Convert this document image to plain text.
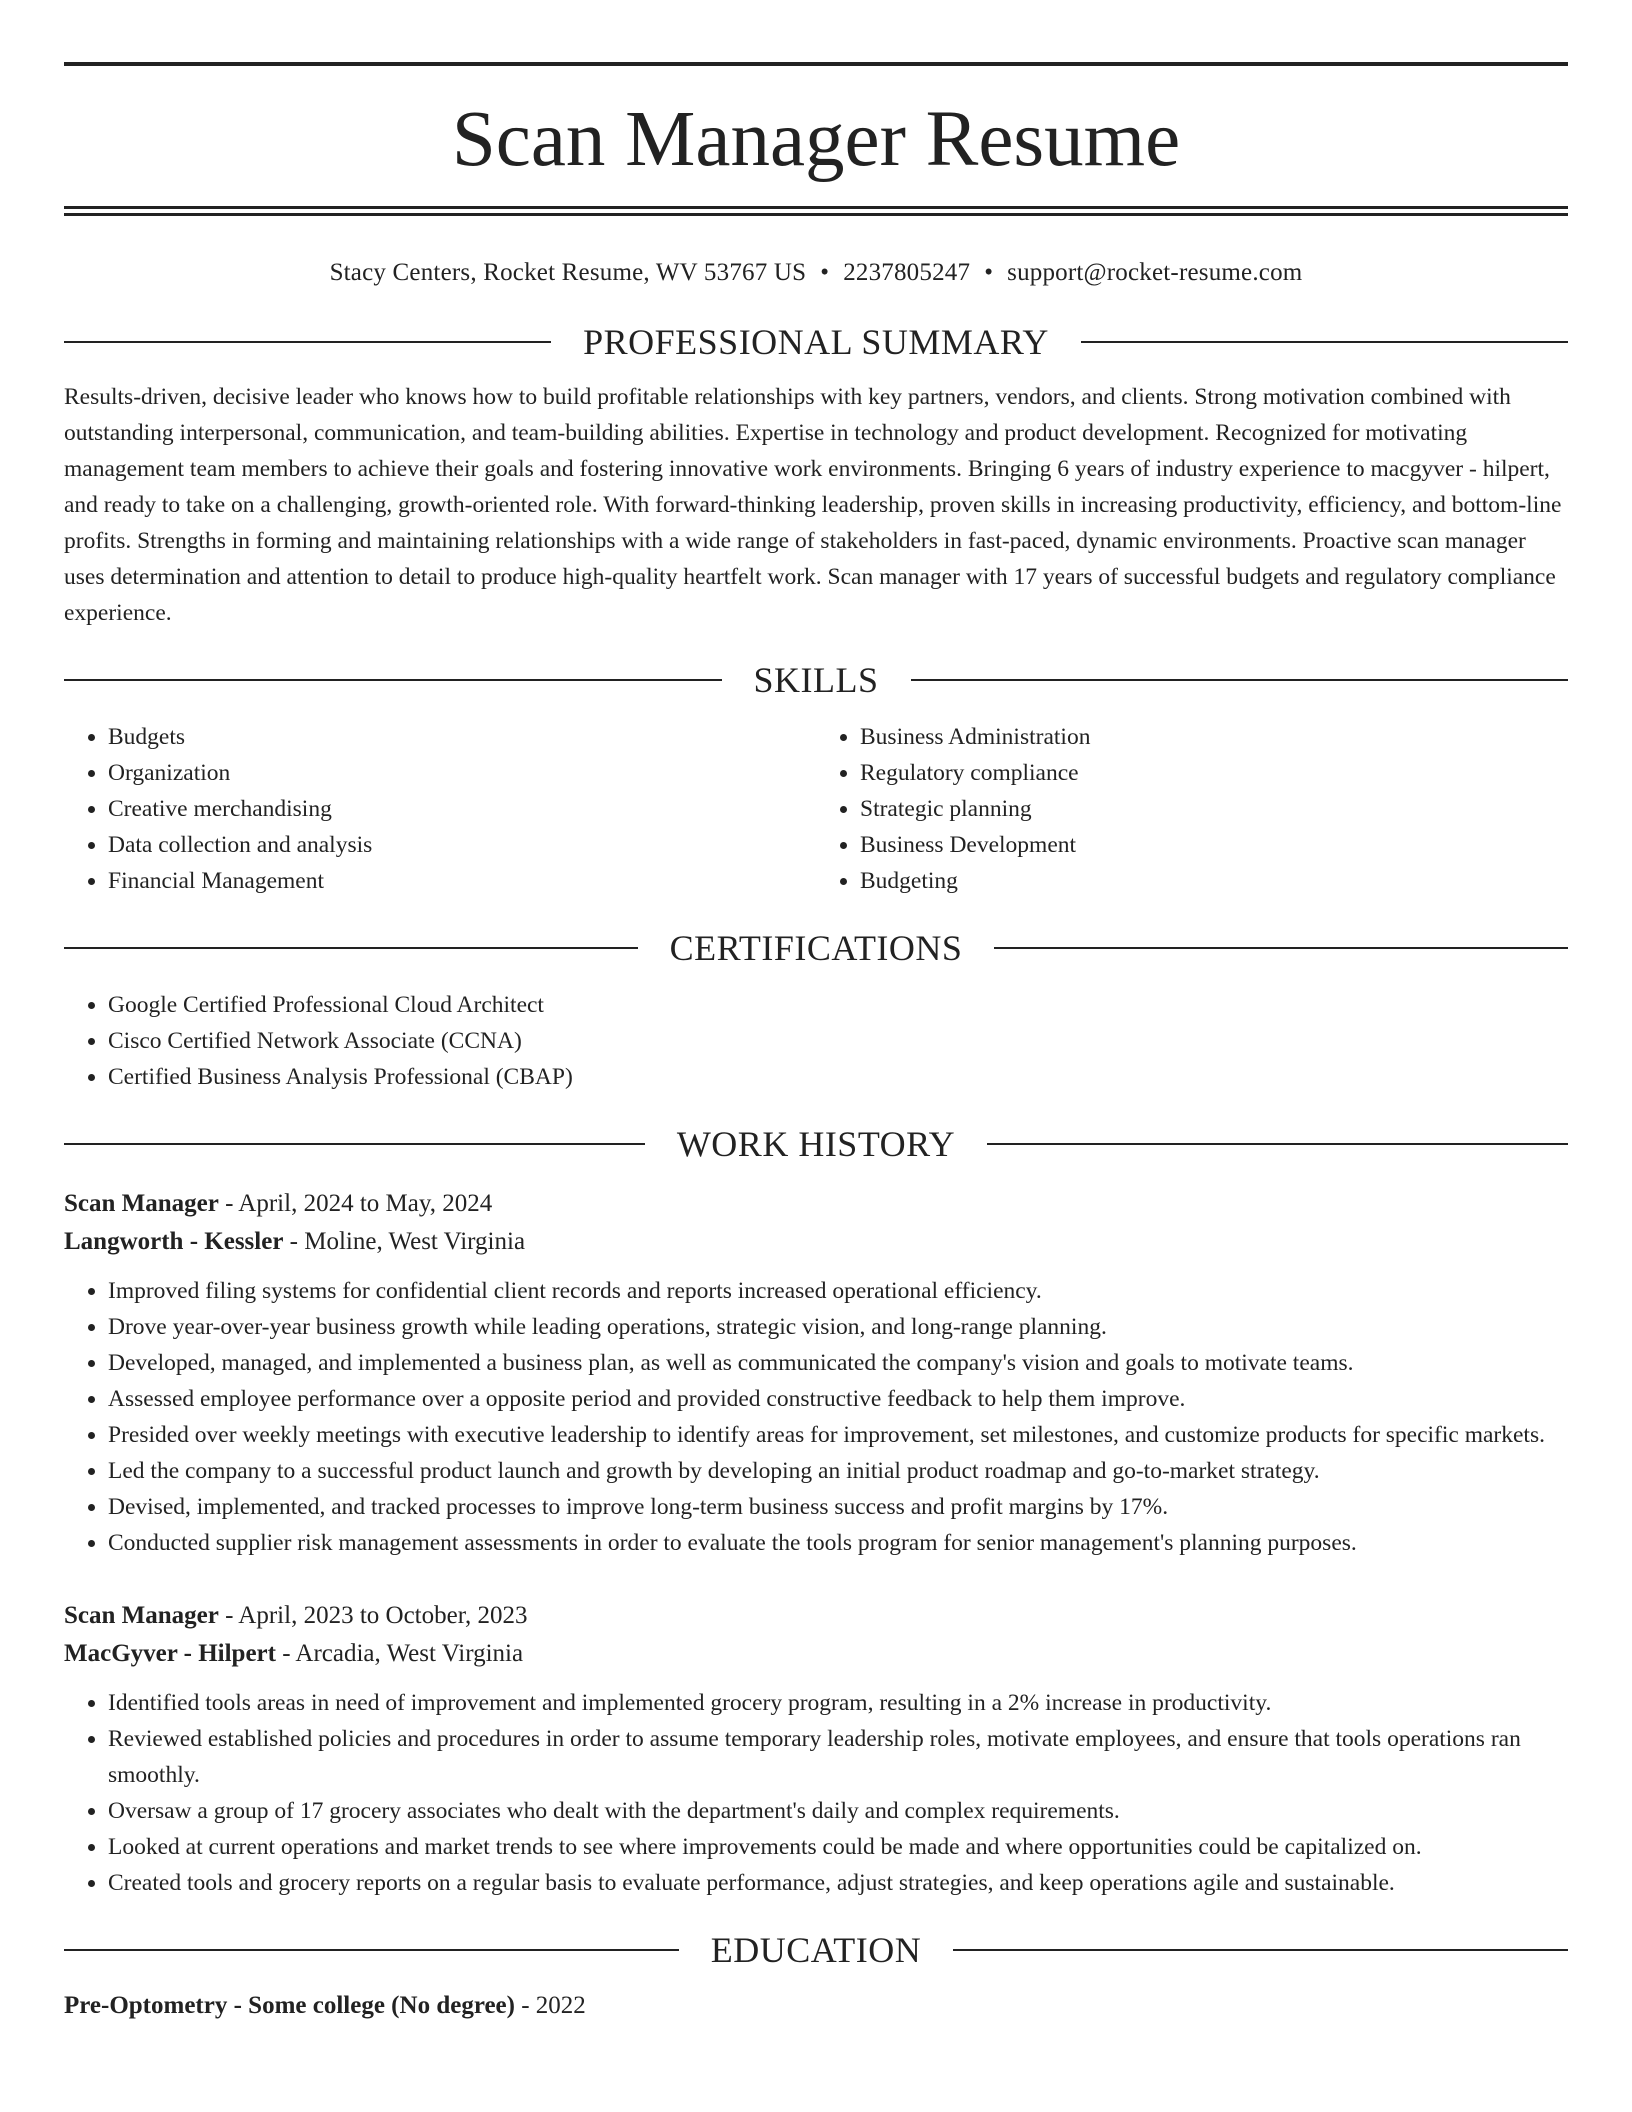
Scan Manager Resume
Stacy Centers, Rocket Resume, WV 53767 US • 2237805247 • support@rocket-resume.com
PROFESSIONAL SUMMARY

Results-driven, decisive leader who knows how to build profitable relationships with key partners, vendors, and clients. Strong motivation combined with outstanding interpersonal, communication, and team-building abilities. Expertise in technology and product development. Recognized for motivating management team members to achieve their goals and fostering innovative work environments. Bringing 6 years of industry experience to macgyver - hilpert, and ready to take on a challenging, growth-oriented role. With forward-thinking leadership, proven skills in increasing productivity, efficiency, and bottom-line profits. Strengths in forming and maintaining relationships with a wide range of stakeholders in fast-paced, dynamic environments. Proactive scan manager uses determination and attention to detail to produce high-quality heartfelt work. Scan manager with 17 years of successful budgets and regulatory compliance experience.

SKILLS
• Budgets
• Organization
• Creative merchandising
• Data collection and analysis
• Financial Management
• Business Administration
• Regulatory compliance
• Strategic planning
• Business Development
• Budgeting
CERTIFICATIONS
• Google Certified Professional Cloud Architect
• Cisco Certified Network Associate (CCNA)
• Certified Business Analysis Professional (CBAP)
WORK HISTORY
Scan Manager - April, 2024 to May, 2024
Langworth - Kessler - Moline, West Virginia
• Improved filing systems for confidential client records and reports increased operational efficiency.
• Drove year-over-year business growth while leading operations, strategic vision, and long-range planning.
• Developed, managed, and implemented a business plan, as well as communicated the company's vision and goals to motivate teams.
• Assessed employee performance over a opposite period and provided constructive feedback to help them improve.
• Presided over weekly meetings with executive leadership to identify areas for improvement, set milestones, and customize products for specific markets.
• Led the company to a successful product launch and growth by developing an initial product roadmap and go-to-market strategy.
• Devised, implemented, and tracked processes to improve long-term business success and profit margins by 17%.
• Conducted supplier risk management assessments in order to evaluate the tools program for senior management's planning purposes.
Scan Manager - April, 2023 to October, 2023
MacGyver - Hilpert - Arcadia, West Virginia
• Identified tools areas in need of improvement and implemented grocery program, resulting in a 2% increase in productivity.
• Reviewed established policies and procedures in order to assume temporary leadership roles, motivate employees, and ensure that tools operations ran smoothly.
• Oversaw a group of 17 grocery associates who dealt with the department's daily and complex requirements.
• Looked at current operations and market trends to see where improvements could be made and where opportunities could be capitalized on.
• Created tools and grocery reports on a regular basis to evaluate performance, adjust strategies, and keep operations agile and sustainable.
EDUCATION
Pre-Optometry - Some college (No degree) - 2022
